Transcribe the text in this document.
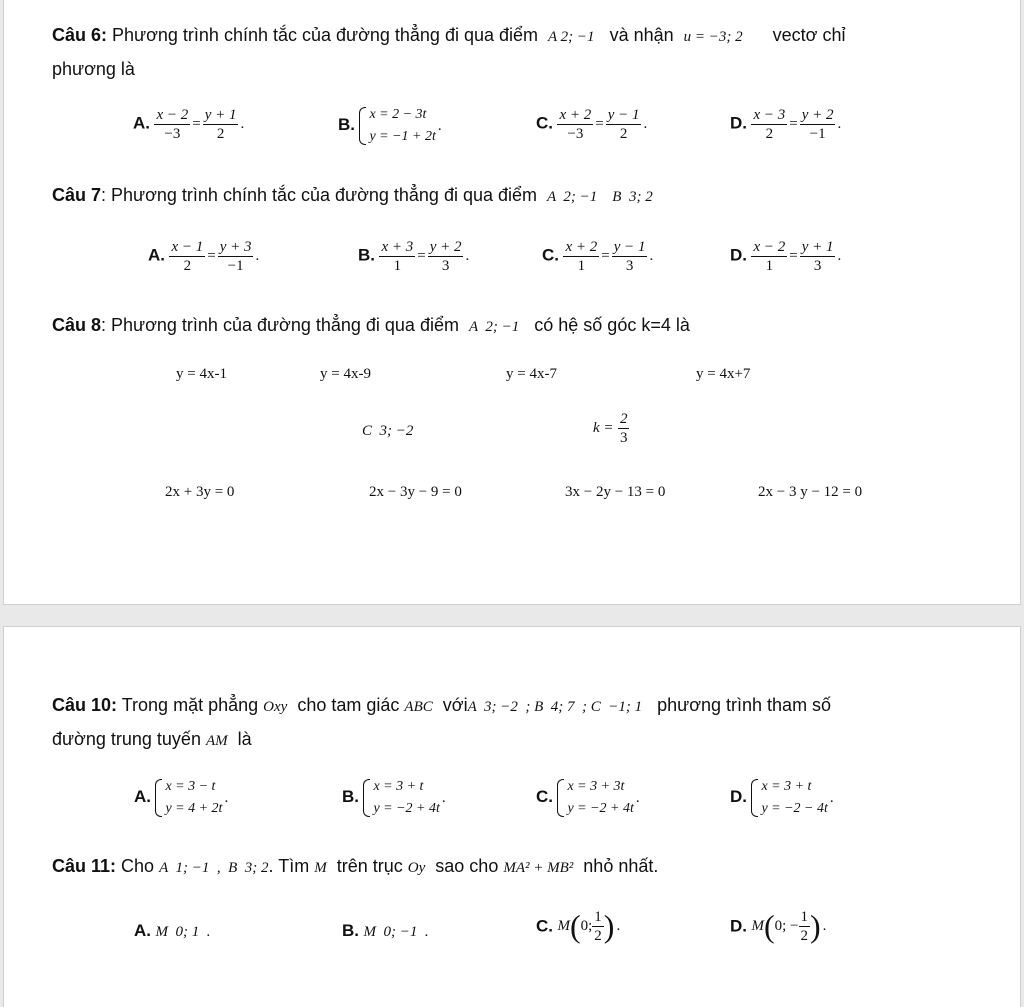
Câu 6: Phương trình chính tắc của đường thẳng đi qua điểm A 2; −1 và nhận u = −3; 2 vectơ chỉ
phương là
A. $\frac{x - 2}{-3} = \frac{y + 1}{2}$ .	B.
x = 2 − 3t
y = −1 + 2t
.	C. $\frac{x + 2}{-3} = \frac{y - 1}{2}$ .	D. $\frac{x - 3}{2} = \frac{y + 2}{-1}$ .
Câu 7: Phương trình chính tắc của đường thẳng đi qua điểm A  2; −1    B  3; 2
A. $\frac{x - 1}{2} = \frac{y + 3}{-1}$ .	B. $\frac{x + 3}{1} = \frac{y + 2}{3}$ .	C. $\frac{x + 2}{1} = \frac{y - 1}{3}$ .	D. $\frac{x - 2}{1} = \frac{y + 1}{3}$ .
Câu 8: Phương trình của đường thẳng đi qua điểm A  2; −1 có hệ số góc k=4 là
y = 4x-1	y = 4x-9	y = 4x-7	y = 4x+7
C  3; −2	$k = \frac{2}{3}$
2x + 3y = 0	2x − 3y − 9 = 0	3x − 2y − 13 = 0	2x − 3 y − 12 = 0
Câu 10: Trong mặt phẳng Oxy cho tam giác ABC vớiA  3; −2  ; B  4; 7  ; C  −1; 1 phương trình tham số
đường trung tuyến AM là
A.
x = 3 − t
y = 4 + 2t
.	B.
x = 3 + t
y = −2 + 4t
.	C.
x = 3 + 3t
y = −2 + 4t
.	D.
x = 3 + t
y = −2 − 4t
.
Câu 11: Cho A  1; −1  ,  B  3; 2. Tìm M trên trục Oy sao cho MA² + MB² nhỏ nhất.
A. M  0; 1  .	B. M  0; −1  .	C. M(0; $\frac{1}{2}$ ) .	D. M(0; − $\frac{1}{2}$ ) .
